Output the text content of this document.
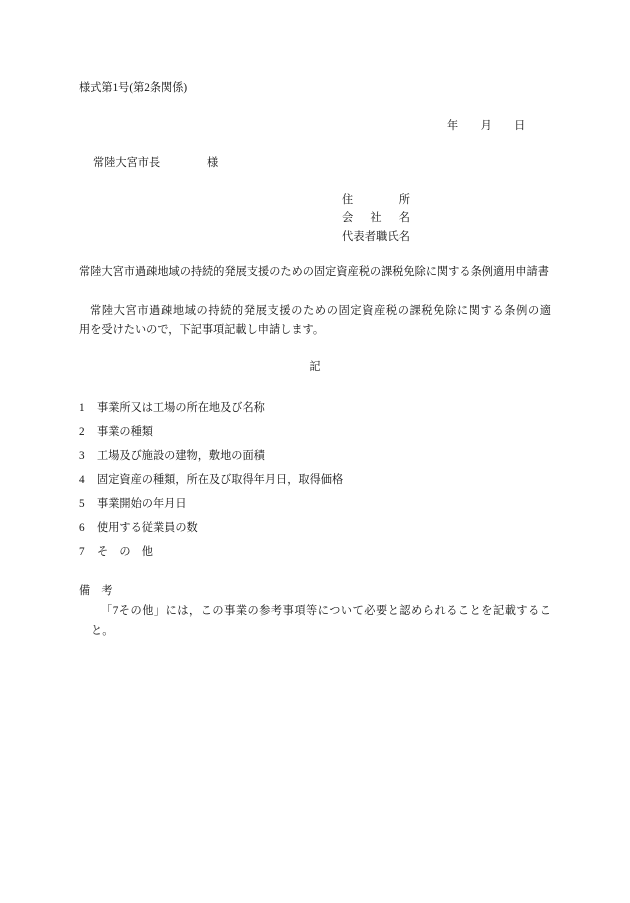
様式第1号(第2条関係)
年　　月　　日
常陸大宮市長	様
住　　　　所
会　社　名
代表者職氏名
常陸大宮市過疎地域の持続的発展支援のための固定資産税の課税免除に関する条例適用申請書
常陸大宮市過疎地域の持続的発展支援のための固定資産税の課税免除に関する条例の適
用を受けたいので，下記事項記載し申請します。
記
1 事業所又は工場の所在地及び名称
2 事業の種類
3 工場及び施設の建物，敷地の面積
4 固定資産の種類，所在及び取得年月日，取得価格
5 事業開始の年月日
6 使用する従業員の数
7 そ　の　他
備　考
「7その他」には，この事業の参考事項等について必要と認められることを記載するこ
と。
